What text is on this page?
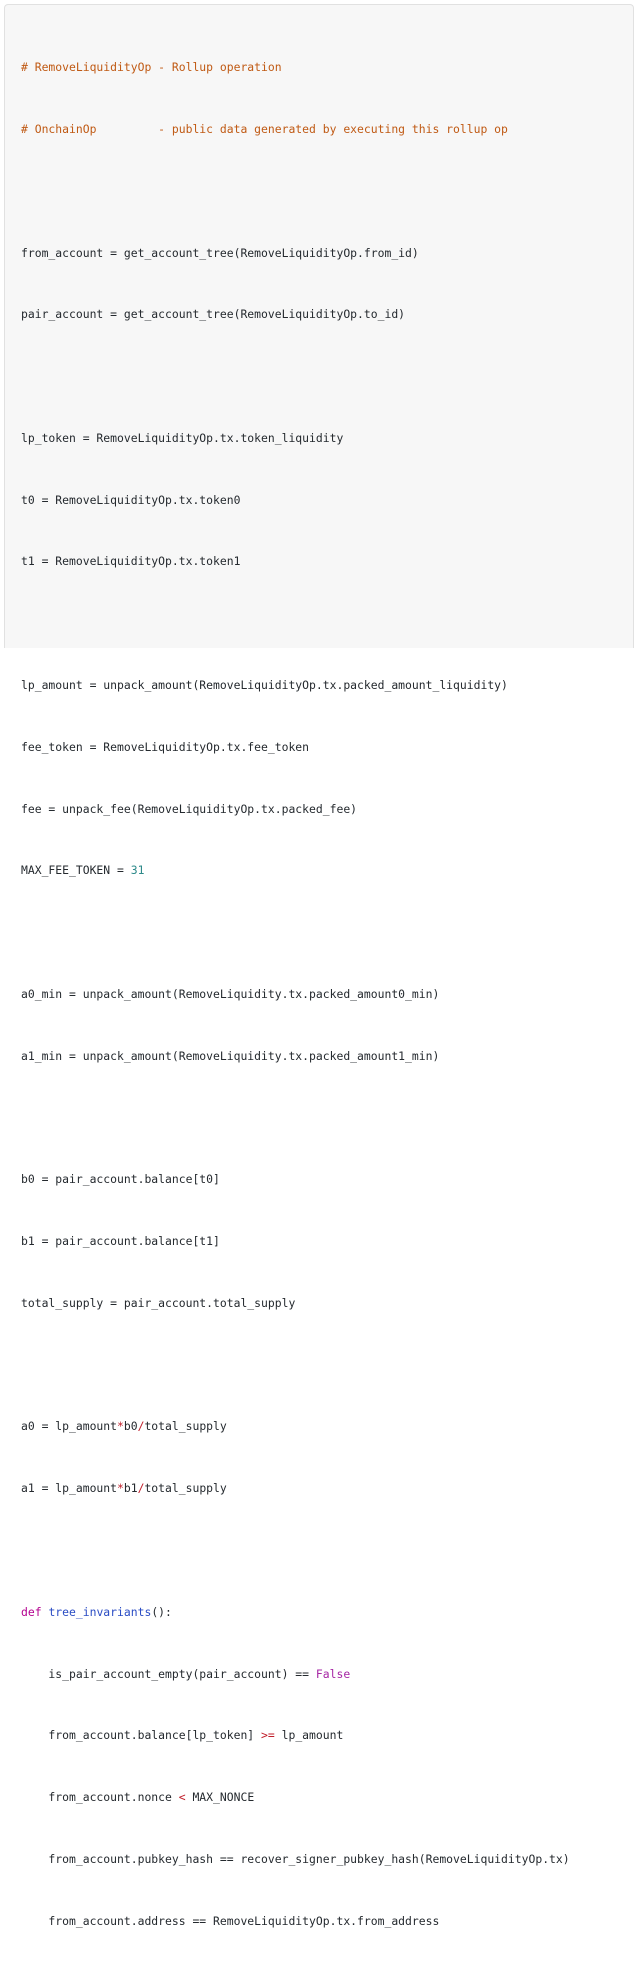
# RemoveLiquidityOp - Rollup operation

# OnchainOp         - public data generated by executing this rollup op

from_account = get_account_tree(RemoveLiquidityOp.from_id)

pair_account = get_account_tree(RemoveLiquidityOp.to_id)

lp_token = RemoveLiquidityOp.tx.token_liquidity

t0 = RemoveLiquidityOp.tx.token0

t1 = RemoveLiquidityOp.tx.token1

lp_amount = unpack_amount(RemoveLiquidityOp.tx.packed_amount_liquidity)

fee_token = RemoveLiquidityOp.tx.fee_token

fee = unpack_fee(RemoveLiquidityOp.tx.packed_fee)

MAX_FEE_TOKEN = 31

a0_min = unpack_amount(RemoveLiquidity.tx.packed_amount0_min)

a1_min = unpack_amount(RemoveLiquidity.tx.packed_amount1_min)

b0 = pair_account.balance[t0]

b1 = pair_account.balance[t1]

total_supply = pair_account.total_supply

a0 = lp_amount*b0/total_supply

a1 = lp_amount*b1/total_supply

def tree_invariants():

is_pair_account_empty(pair_account) == False

from_account.balance[lp_token] >= lp_amount

from_account.nonce < MAX_NONCE

from_account.pubkey_hash == recover_signer_pubkey_hash(RemoveLiquidityOp.tx)

from_account.address == RemoveLiquidityOp.tx.from_address
